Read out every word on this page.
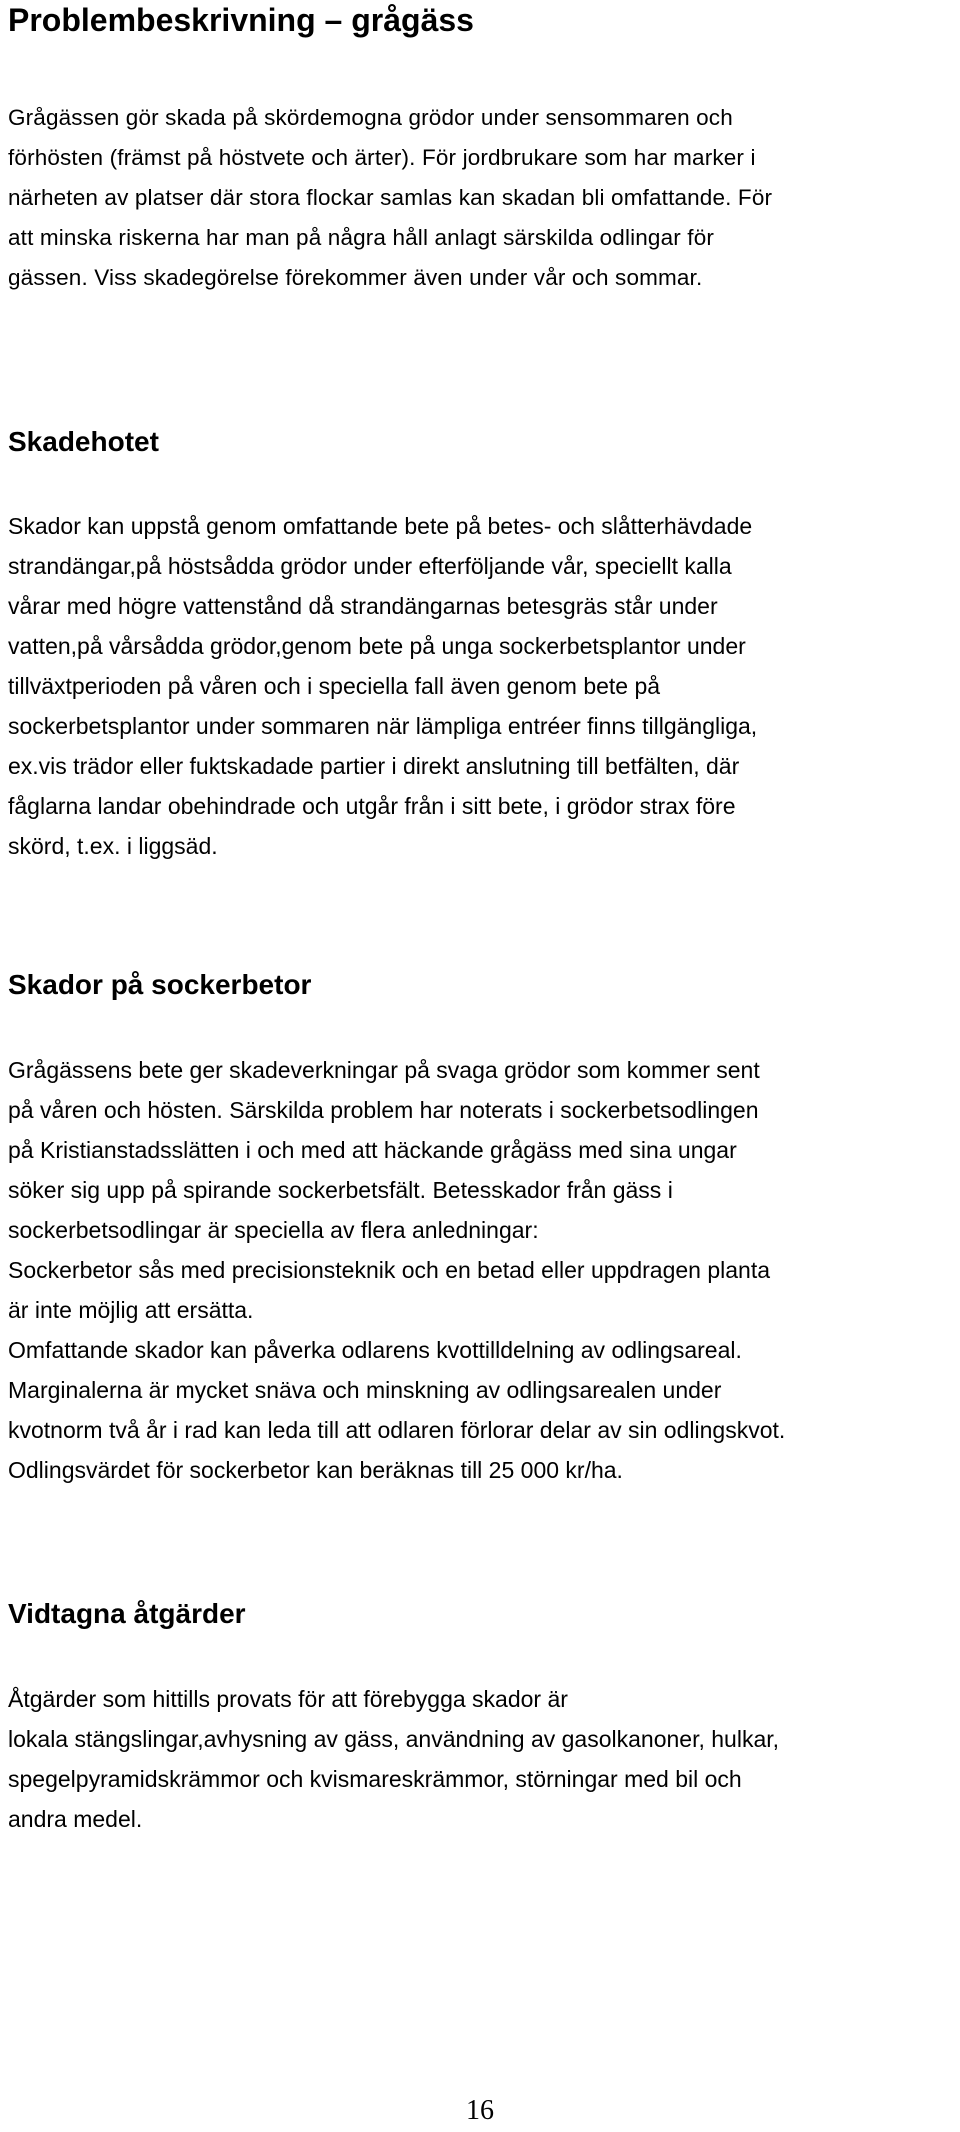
Problembeskrivning – grågäss
Grågässen gör skada på skördemogna grödor under sensommaren och
förhösten (främst på höstvete och ärter). För jordbrukare som har marker i
närheten av platser där stora flockar samlas kan skadan bli omfattande. För
att minska riskerna har man på några håll anlagt särskilda odlingar för
gässen. Viss skadegörelse förekommer även under vår och sommar.
Skadehotet
Skador kan uppstå genom omfattande bete på betes- och slåtterhävdade
strandängar,på höstsådda grödor under efterföljande vår, speciellt kalla
vårar med högre vattenstånd då strandängarnas betesgräs står under
vatten,på vårsådda grödor,genom bete på unga sockerbetsplantor under
tillväxtperioden på våren och i speciella fall även genom bete på
sockerbetsplantor under sommaren när lämpliga entréer finns tillgängliga,
ex.vis trädor eller fuktskadade partier i direkt anslutning till betfälten, där
fåglarna landar obehindrade och utgår från i sitt bete, i grödor strax före
skörd, t.ex. i liggsäd.
Skador på sockerbetor
Grågässens bete ger skadeverkningar på svaga grödor som kommer sent
på våren och hösten. Särskilda problem har noterats i sockerbetsodlingen
på Kristianstadsslätten i och med att häckande grågäss med sina ungar
söker sig upp på spirande sockerbetsfält. Betesskador från gäss i
sockerbetsodlingar är speciella av flera anledningar:
Sockerbetor sås med precisionsteknik och en betad eller uppdragen planta
är inte möjlig att ersätta.
Omfattande skador kan påverka odlarens kvottilldelning av odlingsareal.
Marginalerna är mycket snäva och minskning av odlingsarealen under
kvotnorm två år i rad kan leda till att odlaren förlorar delar av sin odlingskvot.
Odlingsvärdet för sockerbetor kan beräknas till 25 000 kr/ha.
Vidtagna åtgärder
Åtgärder som hittills provats för att förebygga skador är
lokala stängslingar,avhysning av gäss, användning av gasolkanoner, hulkar,
spegelpyramidskrämmor och kvismareskrämmor, störningar med bil och
andra medel.
16
